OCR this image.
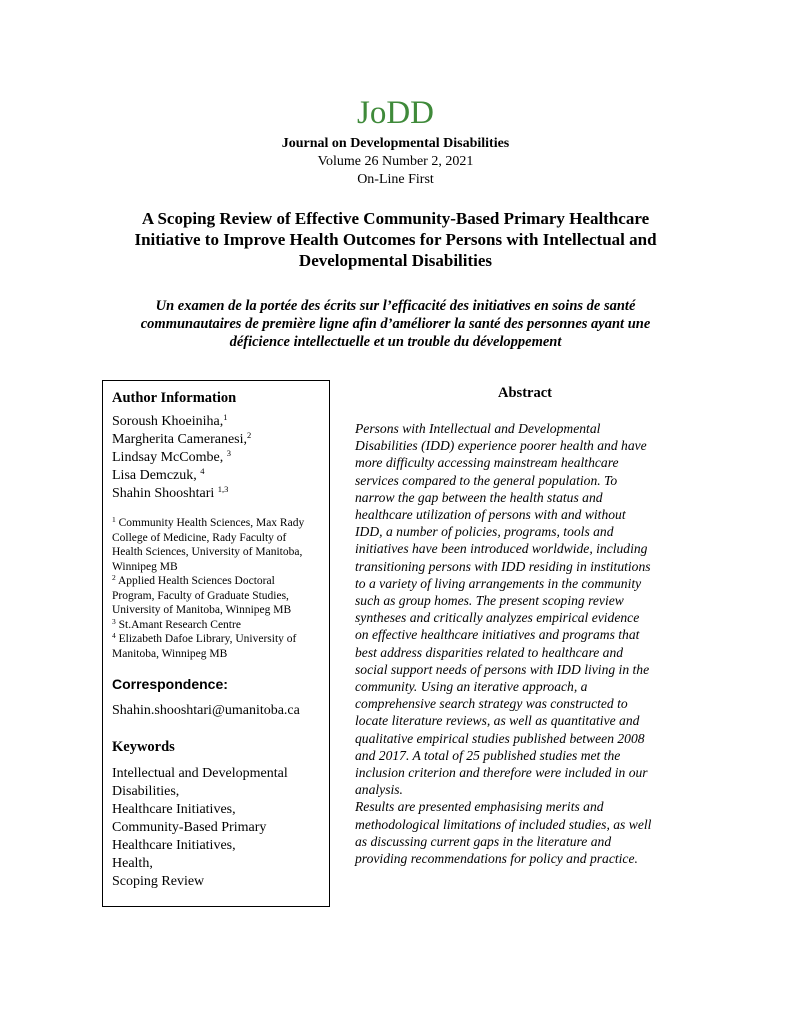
JoDD
Journal on Developmental Disabilities
Volume 26 Number 2, 2021
On-Line First
A Scoping Review of Effective Community-Based Primary Healthcare
Initiative to Improve Health Outcomes for Persons with Intellectual and
Developmental Disabilities
Un examen de la portée des écrits sur l’efficacité des initiatives en soins de santé
communautaires de première ligne afin d’améliorer la santé des personnes ayant une
déficience intellectuelle et un trouble du développement
Author Information
Soroush Khoeiniha,$^1$
Margherita Cameranesi,$^2$
Lindsay McCombe, $^3$
Lisa Demczuk, $^4$
Shahin Shooshtari $^{1,3}$
$^1$ Community Health Sciences, Max Rady
College of Medicine, Rady Faculty of
Health Sciences, University of Manitoba,
Winnipeg MB
$^2$ Applied Health Sciences Doctoral
Program, Faculty of Graduate Studies,
University of Manitoba, Winnipeg MB
$^3$ St.Amant Research Centre
$^4$ Elizabeth Dafoe Library, University of
Manitoba, Winnipeg MB
Correspondence:
Shahin.shooshtari@umanitoba.ca
Keywords
Intellectual and Developmental
Disabilities,
Healthcare Initiatives,
Community-Based Primary
Healthcare Initiatives,
Health,
Scoping Review
Abstract
Persons with Intellectual and Developmental
Disabilities (IDD) experience poorer health and have
more difficulty accessing mainstream healthcare
services compared to the general population. To
narrow the gap between the health status and
healthcare utilization of persons with and without
IDD, a number of policies, programs, tools and
initiatives have been introduced worldwide, including
transitioning persons with IDD residing in institutions
to a variety of living arrangements in the community
such as group homes. The present scoping review
syntheses and critically analyzes empirical evidence
on effective healthcare initiatives and programs that
best address disparities related to healthcare and
social support needs of persons with IDD living in the
community. Using an iterative approach, a
comprehensive search strategy was constructed to
locate literature reviews, as well as quantitative and
qualitative empirical studies published between 2008
and 2017. A total of 25 published studies met the
inclusion criterion and therefore were included in our
analysis.
Results are presented emphasising merits and
methodological limitations of included studies, as well
as discussing current gaps in the literature and
providing recommendations for policy and practice.
